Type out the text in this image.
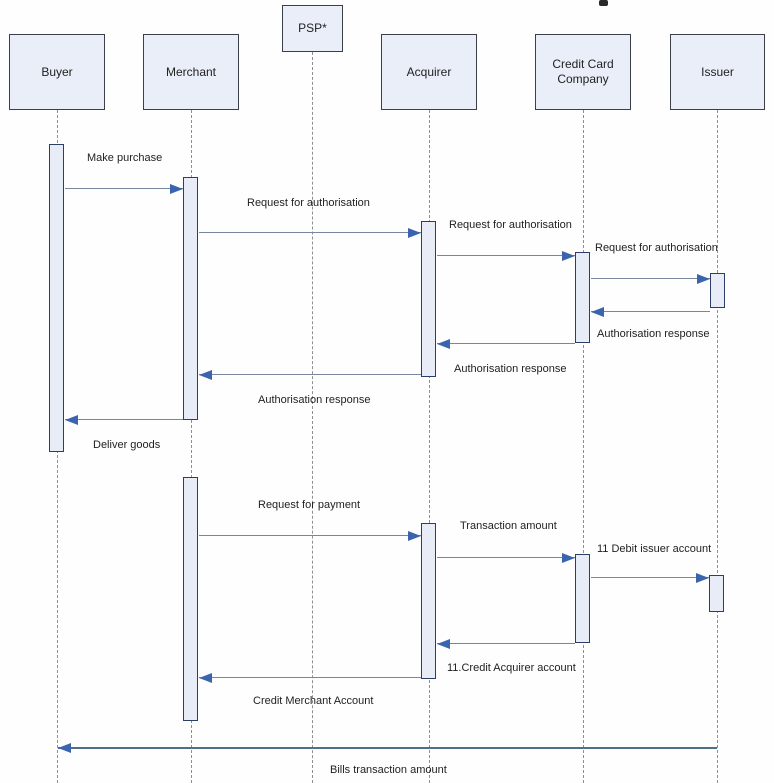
Buyer	Merchant
PSP*
Acquirer
Credit Card Company
Issuer
Make purchase
Request for authorisation
Request for authorisation
Request for authorisation
Authorisation response
Authorisation response
Authorisation response
Deliver goods
Request for payment
Transaction amount
11 Debit issuer account
11.Credit Acquirer account
Credit Merchant Account
Bills transaction amount
